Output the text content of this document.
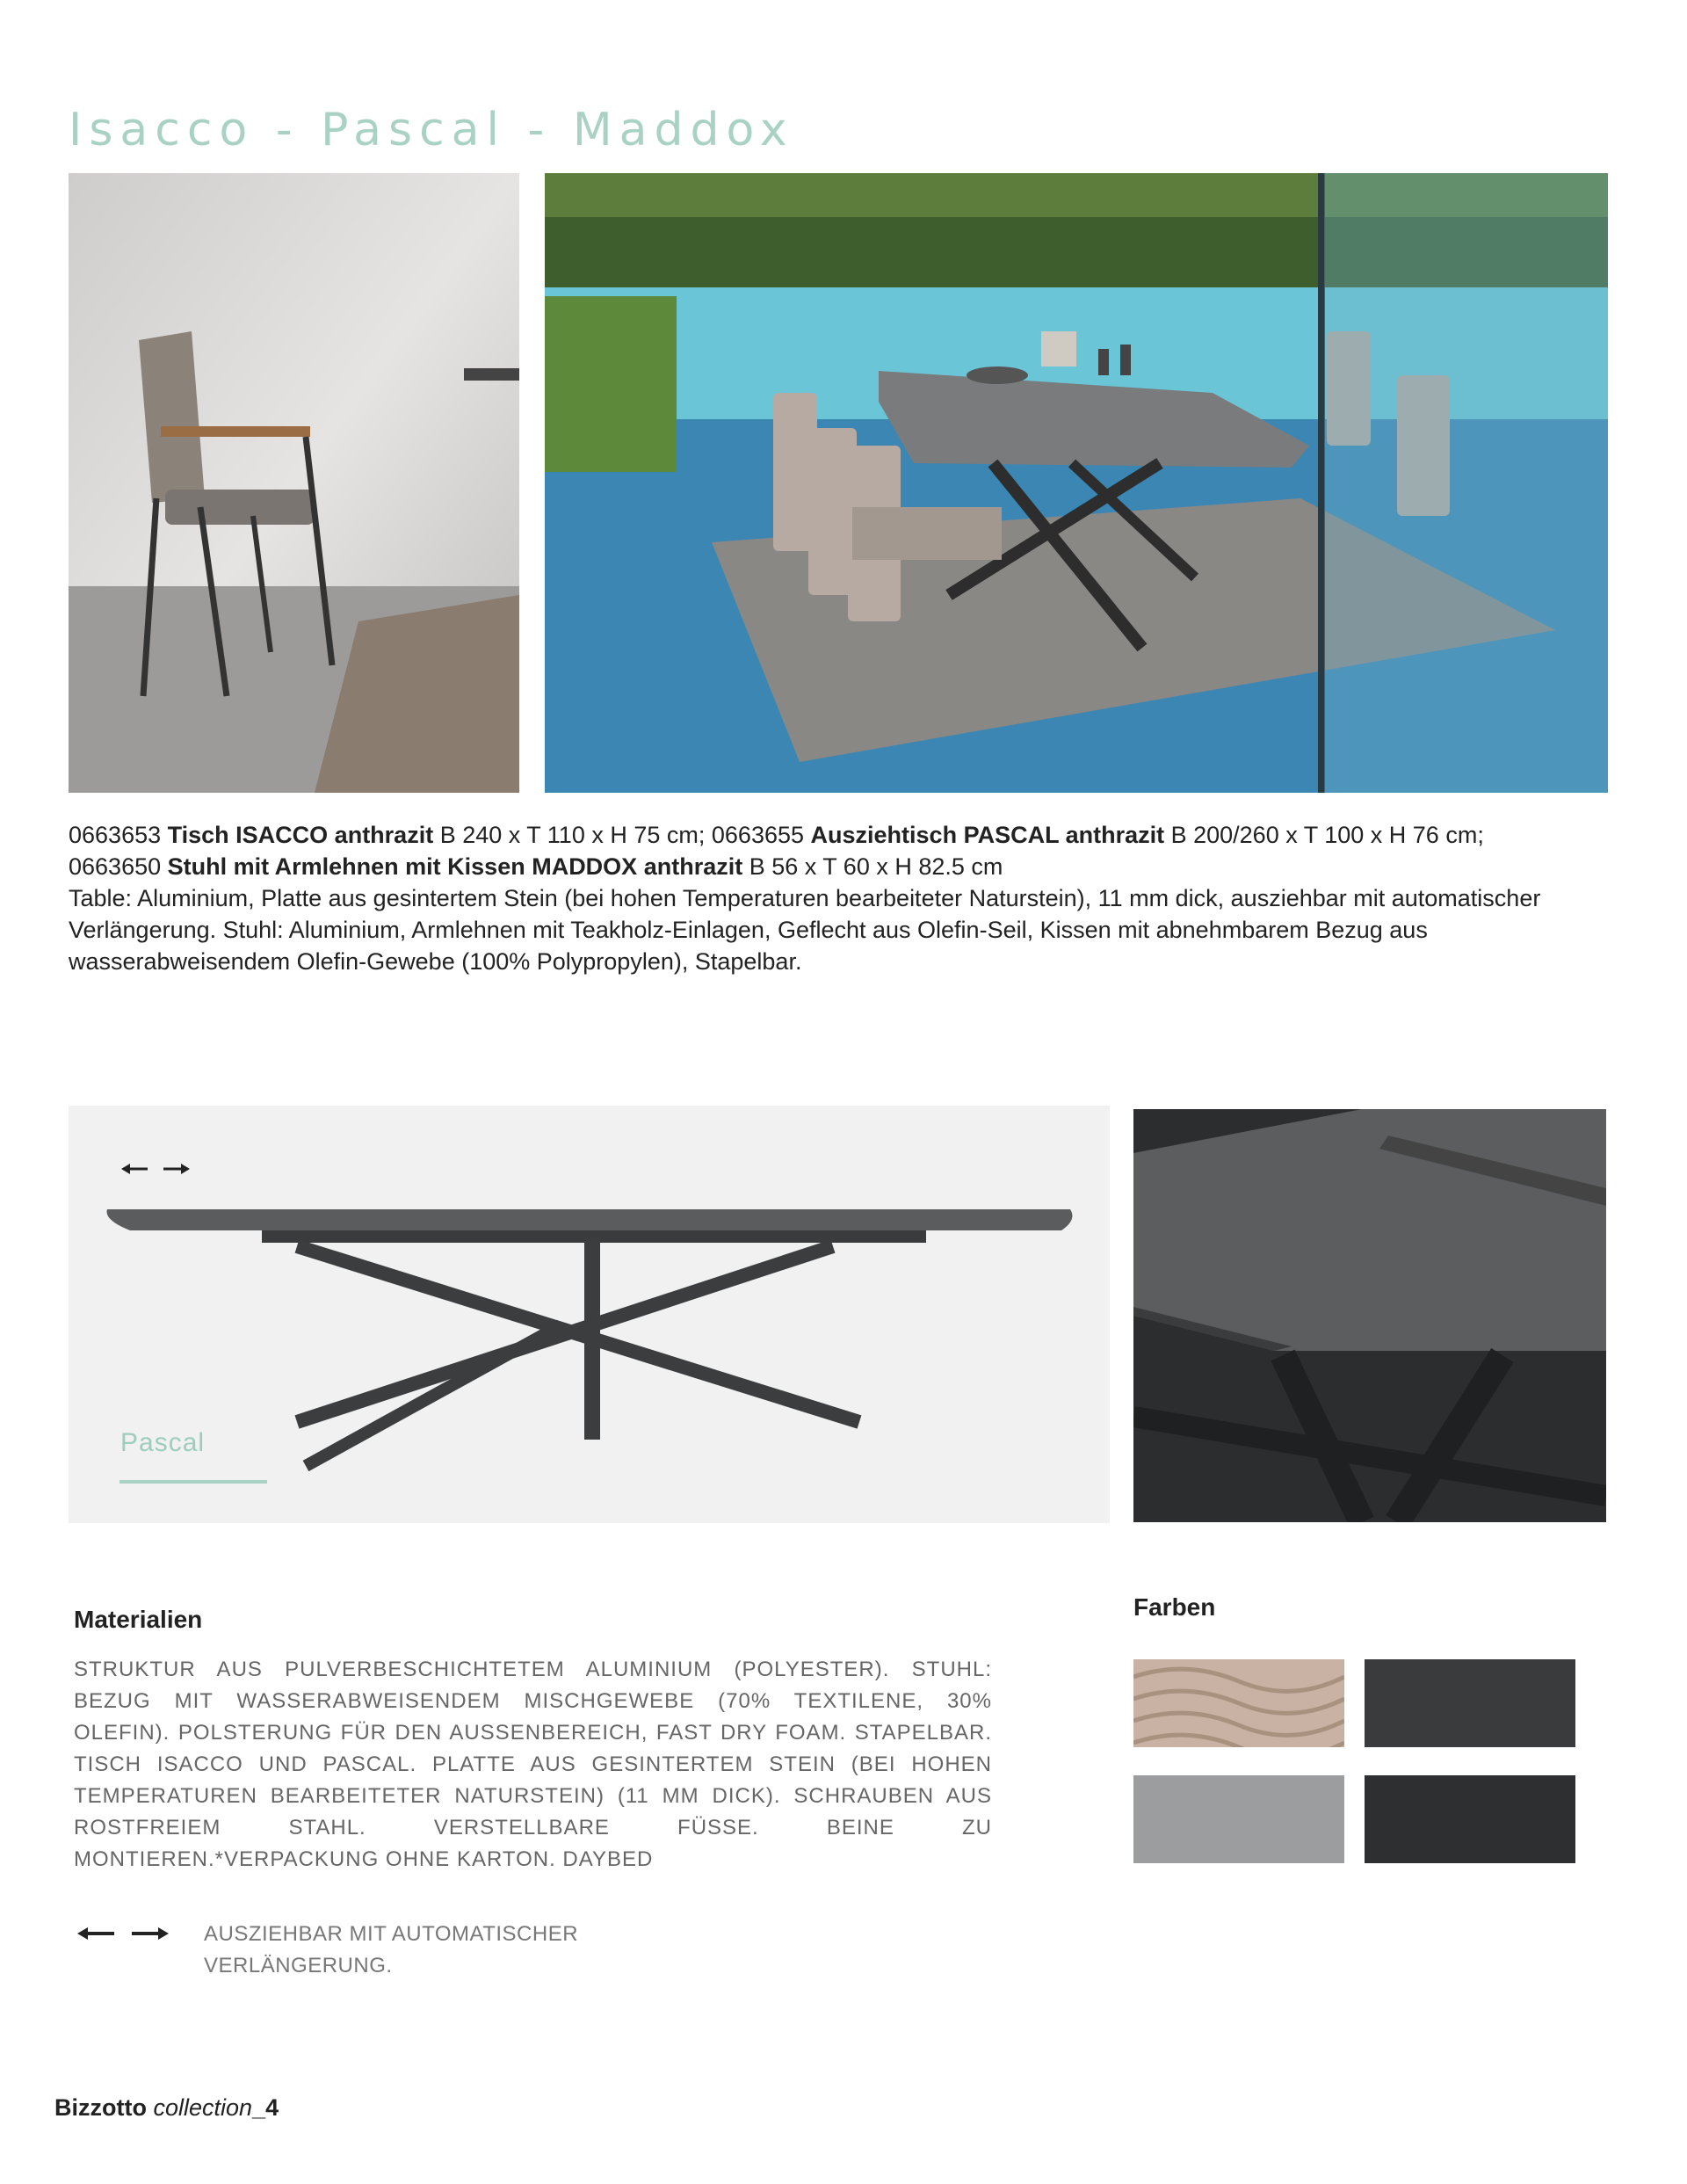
Isacco - Pascal - Maddox
0663653 Tisch ISACCO anthrazit B 240 x T 110 x H 75 cm; 0663655 Ausziehtisch PASCAL anthrazit B 200/260 x T 100 x H 76 cm; 0663650 Stuhl mit Armlehnen mit Kissen MADDOX anthrazit B 56 x T 60 x H 82.5 cm
Table: Aluminium, Platte aus gesintertem Stein (bei hohen Temperaturen bearbeiteter Naturstein), 11 mm dick, ausziehbar mit automatischer Verlängerung. Stuhl: Aluminium, Armlehnen mit Teakholz-Einlagen, Geflecht aus Olefin-Seil, Kissen mit abnehmbarem Bezug aus wasserabweisendem Olefin-Gewebe (100% Polypropylen), Stapelbar.
Pascal
Materialien
STRUKTUR AUS PULVERBESCHICHTETEM ALUMINIUM (POLYESTER). STUHL: BEZUG MIT WASSERABWEISENDEM MISCHGEWEBE (70% TEXTILENE, 30% OLEFIN). POLSTERUNG FÜR DEN AUSSENBEREICH, FAST DRY FOAM. STAPELBAR. TISCH ISACCO UND PASCAL. PLATTE AUS GESINTERTEM STEIN (BEI HOHEN TEMPERATUREN BEARBEITETER NATURSTEIN) (11 MM DICK). SCHRAUBEN AUS ROSTFREIEM STAHL. VERSTELLBARE FÜSSE. BEINE ZU MONTIEREN.*VERPACKUNG OHNE KARTON. DAYBED
AUSZIEHBAR MIT AUTOMATISCHER VERLÄNGERUNG.
Farben
Bizzotto collection_4
